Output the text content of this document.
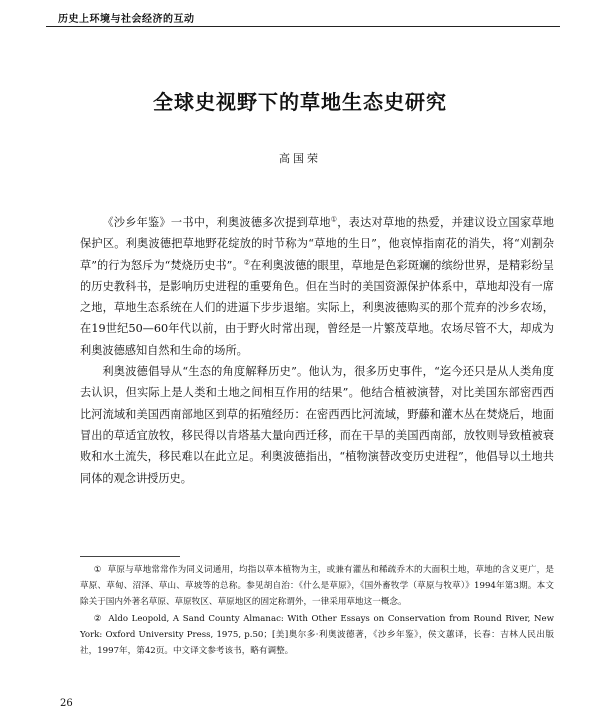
历史上环境与社会经济的互动
全球史视野下的草地生态史研究
高国荣

《沙乡年鉴》一书中，利奥波德多次提到草地①，表达对草地的热爱，并建议设立国家草地保护区。利奥波德把草地野花绽放的时节称为“草地的生日”，他哀悼指南花的消失，将“刈割杂草”的行为怒斥为“焚烧历史书”。②在利奥波德的眼里，草地是色彩斑斓的缤纷世界，是精彩纷呈的历史教科书，是影响历史进程的重要角色。但在当时的美国资源保护体系中，草地却没有一席之地，草地生态系统在人们的进逼下步步退缩。实际上，利奥波德购买的那个荒弃的沙乡农场，在19世纪50—60年代以前，由于野火时常出现，曾经是一片繁茂草地。农场尽管不大，却成为利奥波德感知自然和生命的场所。

利奥波德倡导从“生态的角度解释历史”。他认为，很多历史事件，“迄今还只是从人类角度去认识，但实际上是人类和土地之间相互作用的结果”。他结合植被演替，对比美国东部密西西比河流域和美国西南部地区到草的拓殖经历：在密西西比河流域，野藤和灌木丛在焚烧后，地面冒出的草适宜放牧，移民得以肯塔基大量向西迁移，而在干旱的美国西南部，放牧则导致植被衰败和水土流失，移民难以在此立足。利奥波德指出，“植物演替改变历史进程”，他倡导以土地共同体的观念讲授历史。

① 草原与草地常常作为同义词通用，均指以草本植物为主，或兼有灌丛和稀疏乔木的大面积土地，草地的含义更广，是草原、草甸、沼泽、草山、草坡等的总称。参见胡自治：《什么是草原》，《国外畜牧学（草原与牧草）》1994年第3期。本文除关于国内外著名草原、草原牧区、草原地区的固定称谓外，一律采用草地这一概念。

② Aldo Leopold, A Sand County Almanac: With Other Essays on Conservation from Round River, New York: Oxford University Press, 1975, p.50；[美]奥尔多·利奥波德著，《沙乡年鉴》，侯文蕙译，长春：吉林人民出版社，1997年，第42页。中文译文参考该书，略有调整。

26
